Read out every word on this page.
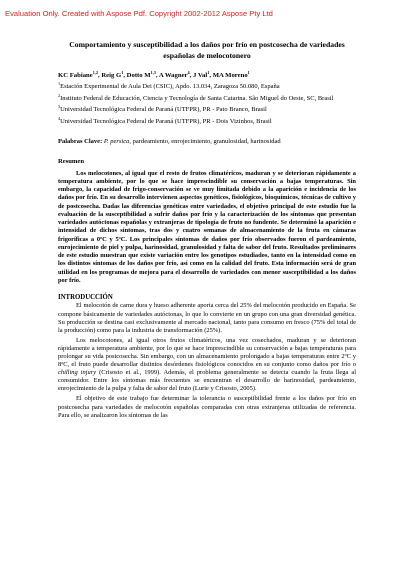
Evaluation Only. Created with Aspose Pdf. Copyright 2002-2012 Aspose Pty Ltd
Comportamiento y susceptibilidad a los daños por frío en postcosecha de variedades españolas de melocotonero
KC Fabiane$^{1,2}$, Reig $G^1$, Dotto M$^{1,3}$, A Wagner$^4$, J Val$^1$, MA Moreno$^1$
$^1$Estación Experimental de Aula Dei (CSIC), Apdo. 13.034, Zaragoza 50.080, España
$^2$Instituto Federal de Educación, Ciencia y Tecnología de Santa Catarina. São Miguel do Oeste, SC, Brasil
$^3$Universidad Tecnológica Federal de Paraná (UTFPR), PR - Pato Branco, Brasil
$^4$Universidad Tecnológica Federal de Paraná (UTFPR), PR - Dois Vizinhos, Brasil
Palabras Clave: P. persica, pardeamiento, enrojecimiento, granulosidad, harinosidad
Resumen

Los melocotones, al igual que el resto de frutos climatéricos, maduran y se deterioran rápidamente a temperatura ambiente, por lo que se hace imprescindible su conservación a bajas temperaturas. Sin embargo, la capacidad de frigo-conservación se ve muy limitada debido a la aparición e incidencia de los daños por frío. En su desarrollo intervienen aspectos genéticos, fisiológicos, bioquímicos, técnicas de cultivo y de postcosecha. Dadas las diferencias genéticas entre variedades, el objetivo principal de este estudio fue la evaluación de la susceptibilidad a sufrir daños por frío y la caracterización de los síntomas que presentan variedades autóctonas españolas y extranjeras de tipología de fruto no fundente. Se determinó la aparición e intensidad de dichos síntomas, tras dos y cuatro semanas de almacenamiento de la fruta en cámaras frigoríficas a 0ºC y 5ºC. Los principales síntomas de daños por frío observados fueron el pardeamiento, enrojecimiento de piel y pulpa, harinosidad, granulosidad y falta de sabor del fruto. Resultados preliminares de este estudio muestran que existe variación entre los genotipos estudiados, tanto en la intensidad como en los distintos síntomas de los daños por frío, así como en la calidad del fruto. Esta información será de gran utilidad en los programas de mejora para el desarrollo de variedades con menor susceptibilidad a los daños por frío.

INTRODUCCIÓN

El melocotón de carne dura y hueso adherente aporta cerca del 25% del melocotón producido en España. Se compone básicamente de variedades autóctonas, lo que lo convierte en un grupo con una gran diversidad genética. Su producción se destina casi exclusivamente al mercado nacional, tanto para consumo en fresco (75% del total de la producción) como para la industria de transformación (25%).

Los melocotones, al igual otros frutos climatéricos, una vez cosechados, maduran y se deterioran rápidamente a temperatura ambiente, por lo que se hace imprescindible su conservación a bajas temperaturas para prolongar su vida postcosecha. Sin embargo, con un almacenamiento prolongado a bajas temperaturas entre 2ºC y 8ºC, el fruto puede desarrollar distintos desórdenes fisiológicos conocidos en su conjunto como daños por frío o chilling injury (Crisosto et al., 1999). Además, el problema generalmente se detecta cuando la fruta llega al consumidor. Entre los síntomas más frecuentes se encuentran el desarrollo de harinosidad, pardeamiento, enrojecimiento de la pulpa y falta de sabor del fruto (Lurie y Crisosto, 2005).

El objetivo de este trabajo fue determinar la tolerancia o susceptibilidad frente a los daños por frío en postcosecha para variedades de melocotón españolas comparadas con otras extranjeras utilizadas de referencia. Para ello, se analizaron los síntomas de las
